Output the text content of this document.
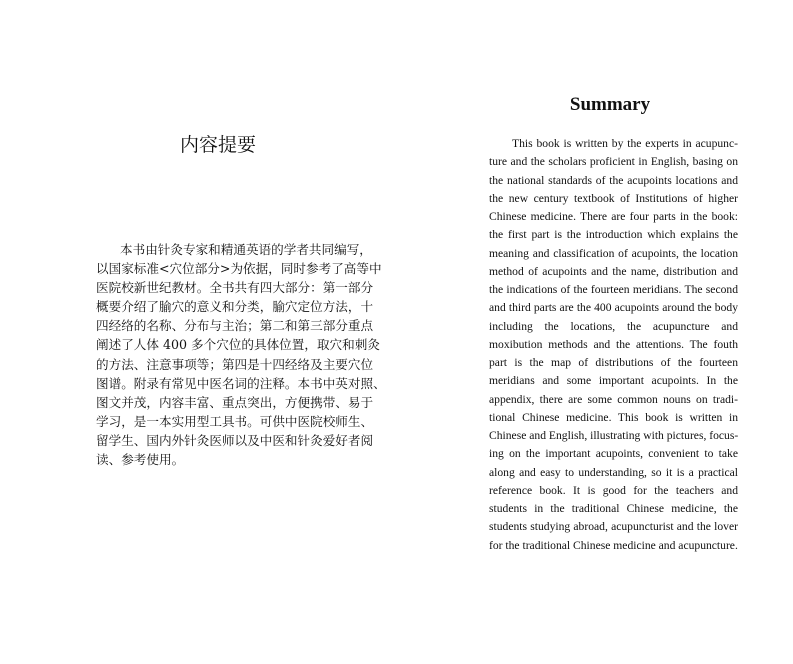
内容提要
本书由针灸专家和精通英语的学者共同编写，
以国家标准<穴位部分>为依据，同时参考了高等中
医院校新世纪教材。全书共有四大部分：第一部分
概要介绍了腧穴的意义和分类，腧穴定位方法，十
四经络的名称、分布与主治；第二和第三部分重点
阐述了人体 400 多个穴位的具体位置，取穴和刺灸
的方法、注意事项等；第四是十四经络及主要穴位
图谱。附录有常见中医名词的注释。本书中英对照、
图文并茂，内容丰富、重点突出，方便携带、易于
学习，是一本实用型工具书。可供中医院校师生、
留学生、国内外针灸医师以及中医和针灸爱好者阅
读、参考使用。
Summary
This book is written by the experts in acupunc-
ture and the scholars proficient in English, basing on
the national standards of the acupoints locations and
the new century textbook of Institutions of higher
Chinese medicine. There are four parts in the book:
the first part is the introduction which explains the
meaning and classification of acupoints, the location
method of acupoints and the name, distribution and
the indications of the fourteen meridians. The second
and third parts are the 400 acupoints around the body
including the locations, the acupuncture and
moxibution methods and the attentions. The fouth
part is the map of distributions of the fourteen
meridians and some important acupoints. In the
appendix, there are some common nouns on tradi-
tional Chinese medicine. This book is written in
Chinese and English, illustrating with pictures, focus-
ing on the important acupoints, convenient to take
along and easy to understanding, so it is a practical
reference book. It is good for the teachers and
students in the traditional Chinese medicine, the
students studying abroad, acupuncturist and the lover
for the traditional Chinese medicine and acupuncture.
